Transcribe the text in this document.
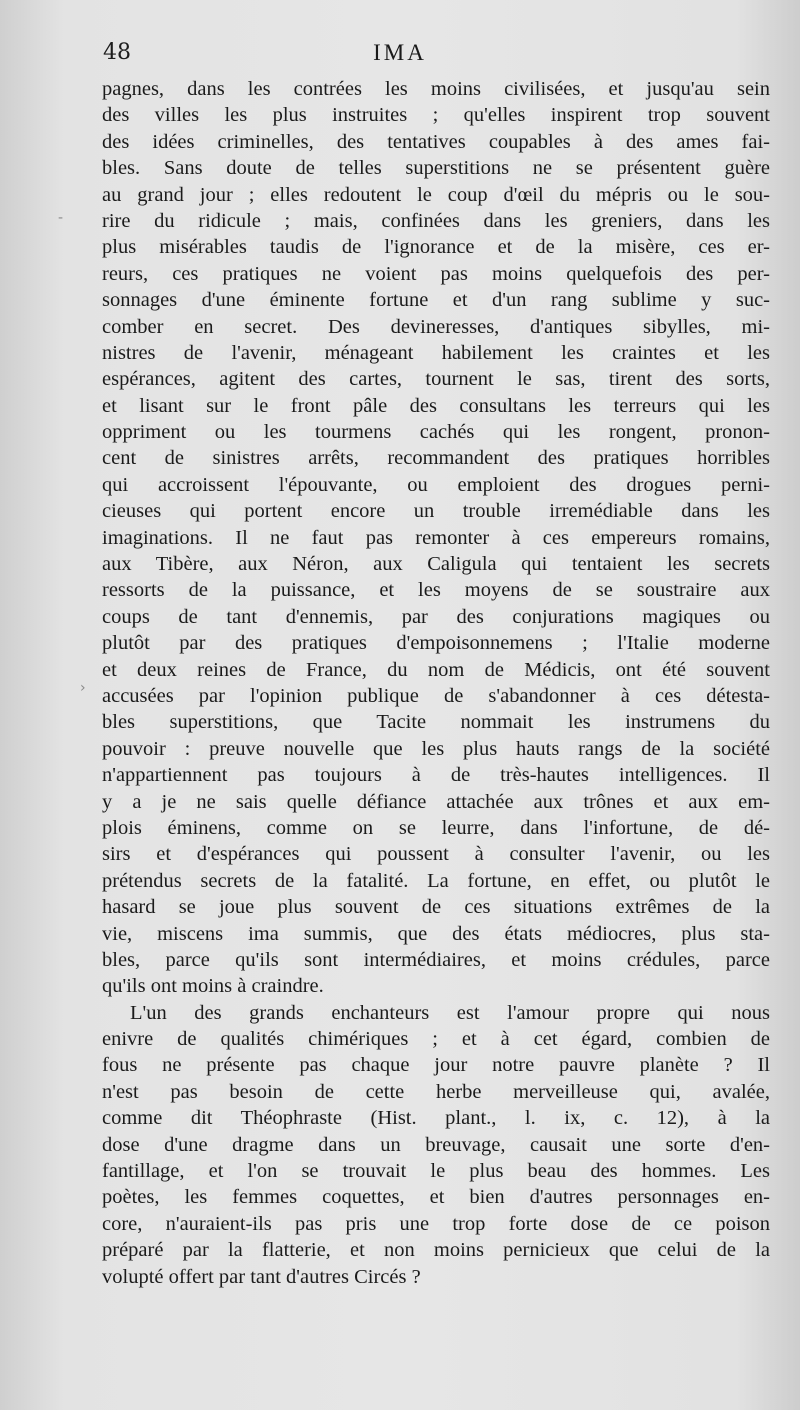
48	IMA
-
›
pagnes, dans les contrées les moins civilisées, et jusqu'au sein
des villes les plus instruites ; qu'elles inspirent trop souvent
des idées criminelles, des tentatives coupables à des ames fai-
bles. Sans doute de telles superstitions ne se présentent guère
au grand jour ; elles redoutent le coup d'œil du mépris ou le sou-
rire du ridicule ; mais, confinées dans les greniers, dans les
plus misérables taudis de l'ignorance et de la misère, ces er-
reurs, ces pratiques ne voient pas moins quelquefois des per-
sonnages d'une éminente fortune et d'un rang sublime y suc-
comber en secret. Des devineresses, d'antiques sibylles, mi-
nistres de l'avenir, ménageant habilement les craintes et les
espérances, agitent des cartes, tournent le sas, tirent des sorts,
et lisant sur le front pâle des consultans les terreurs qui les
oppriment ou les tourmens cachés qui les rongent, pronon-
cent de sinistres arrêts, recommandent des pratiques horribles
qui accroissent l'épouvante, ou emploient des drogues perni-
cieuses qui portent encore un trouble irremédiable dans les
imaginations. Il ne faut pas remonter à ces empereurs romains,
aux Tibère, aux Néron, aux Caligula qui tentaient les secrets
ressorts de la puissance, et les moyens de se soustraire aux
coups de tant d'ennemis, par des conjurations magiques ou
plutôt par des pratiques d'empoisonnemens ; l'Italie moderne
et deux reines de France, du nom de Médicis, ont été souvent
accusées par l'opinion publique de s'abandonner à ces détesta-
bles superstitions, que Tacite nommait les instrumens du
pouvoir : preuve nouvelle que les plus hauts rangs de la société
n'appartiennent pas toujours à de très-hautes intelligences. Il
y a je ne sais quelle défiance attachée aux trônes et aux em-
plois éminens, comme on se leurre, dans l'infortune, de dé-
sirs et d'espérances qui poussent à consulter l'avenir, ou les
prétendus secrets de la fatalité. La fortune, en effet, ou plutôt le
hasard se joue plus souvent de ces situations extrêmes de la
vie, miscens ima summis, que des états médiocres, plus sta-
bles, parce qu'ils sont intermédiaires, et moins crédules, parce
qu'ils ont moins à craindre.
L'un des grands enchanteurs est l'amour propre qui nous
enivre de qualités chimériques ; et à cet égard, combien de
fous ne présente pas chaque jour notre pauvre planète ? Il
n'est pas besoin de cette herbe merveilleuse qui, avalée,
comme dit Théophraste (Hist. plant., l. ix, c. 12), à la
dose d'une dragme dans un breuvage, causait une sorte d'en-
fantillage, et l'on se trouvait le plus beau des hommes. Les
poètes, les femmes coquettes, et bien d'autres personnages en-
core, n'auraient-ils pas pris une trop forte dose de ce poison
préparé par la flatterie, et non moins pernicieux que celui de la
volupté offert par tant d'autres Circés ?
